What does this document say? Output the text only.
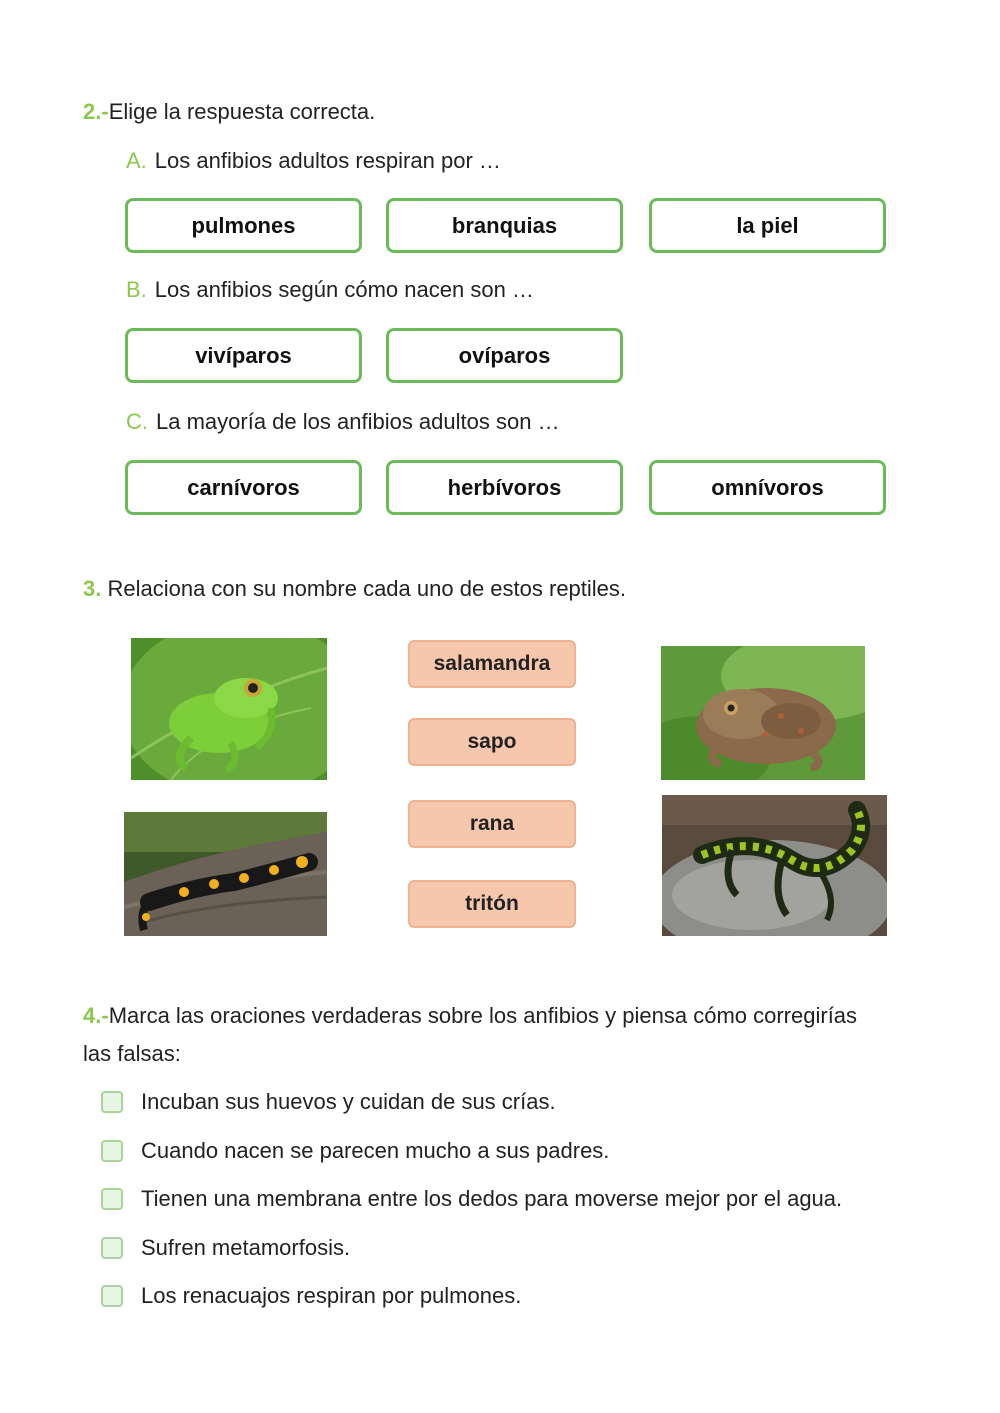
2.-Elige la respuesta correcta.
A. Los anfibios adultos respiran por …
pulmones	branquias	la piel
B. Los anfibios según cómo nacen son …
vivíparos	ovíparos
C. La mayoría de los anfibios adultos son …
carnívoros	herbívoros	omnívoros
3. Relaciona con su nombre cada uno de estos reptiles.
salamandra
sapo
rana
tritón
4.-Marca las oraciones verdaderas sobre los anfibios y piensa cómo corregirías
las falsas:
Incuban sus huevos y cuidan de sus crías.
Cuando nacen se parecen mucho a sus padres.
Tienen una membrana entre los dedos para moverse mejor por el agua.
Sufren metamorfosis.
Los renacuajos respiran por pulmones.
